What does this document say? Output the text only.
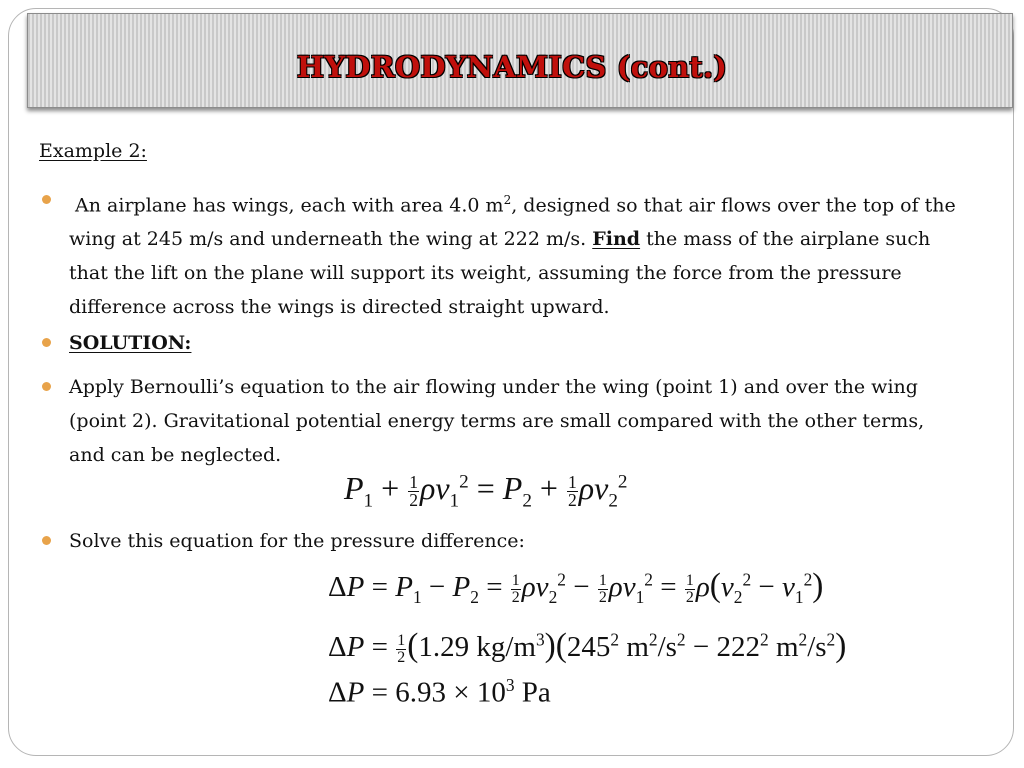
HYDRODYNAMICS (cont.)
Example 2:
An airplane has wings, each with area 4.0 $m^2$, designed so that air flows over the top of the
wing at 245 m/s and underneath the wing at 222 m/s. Find the mass of the airplane such
that the lift on the plane will support its weight, assuming the force from the pressure
difference across the wings is directed straight upward.
SOLUTION:
Apply Bernoulli’s equation to the air flowing under the wing (point 1) and over the wing
(point 2). Gravitational potential energy terms are small compared with the other terms,
and can be neglected.
$P_1 + \frac{1}{2} \rho v_1^2 = P_2 + \frac{1}{2} \rho v_2^2$
Solve this equation for the pressure difference:
$\Delta P = P_1 - P_2 = \frac{1}{2} \rho v_2^2 - \frac{1}{2} \rho v_1^2 = \frac{1}{2} \rho(v_2^2 - v_1^2)$
$\Delta P = \frac{1}{2} (1.29$ $kg/m^3)(245^2$ $m^2/s^2 - 222^2$ $m^2/s^2$)
$\Delta P = 6.93 \times 10^3$ Pa
